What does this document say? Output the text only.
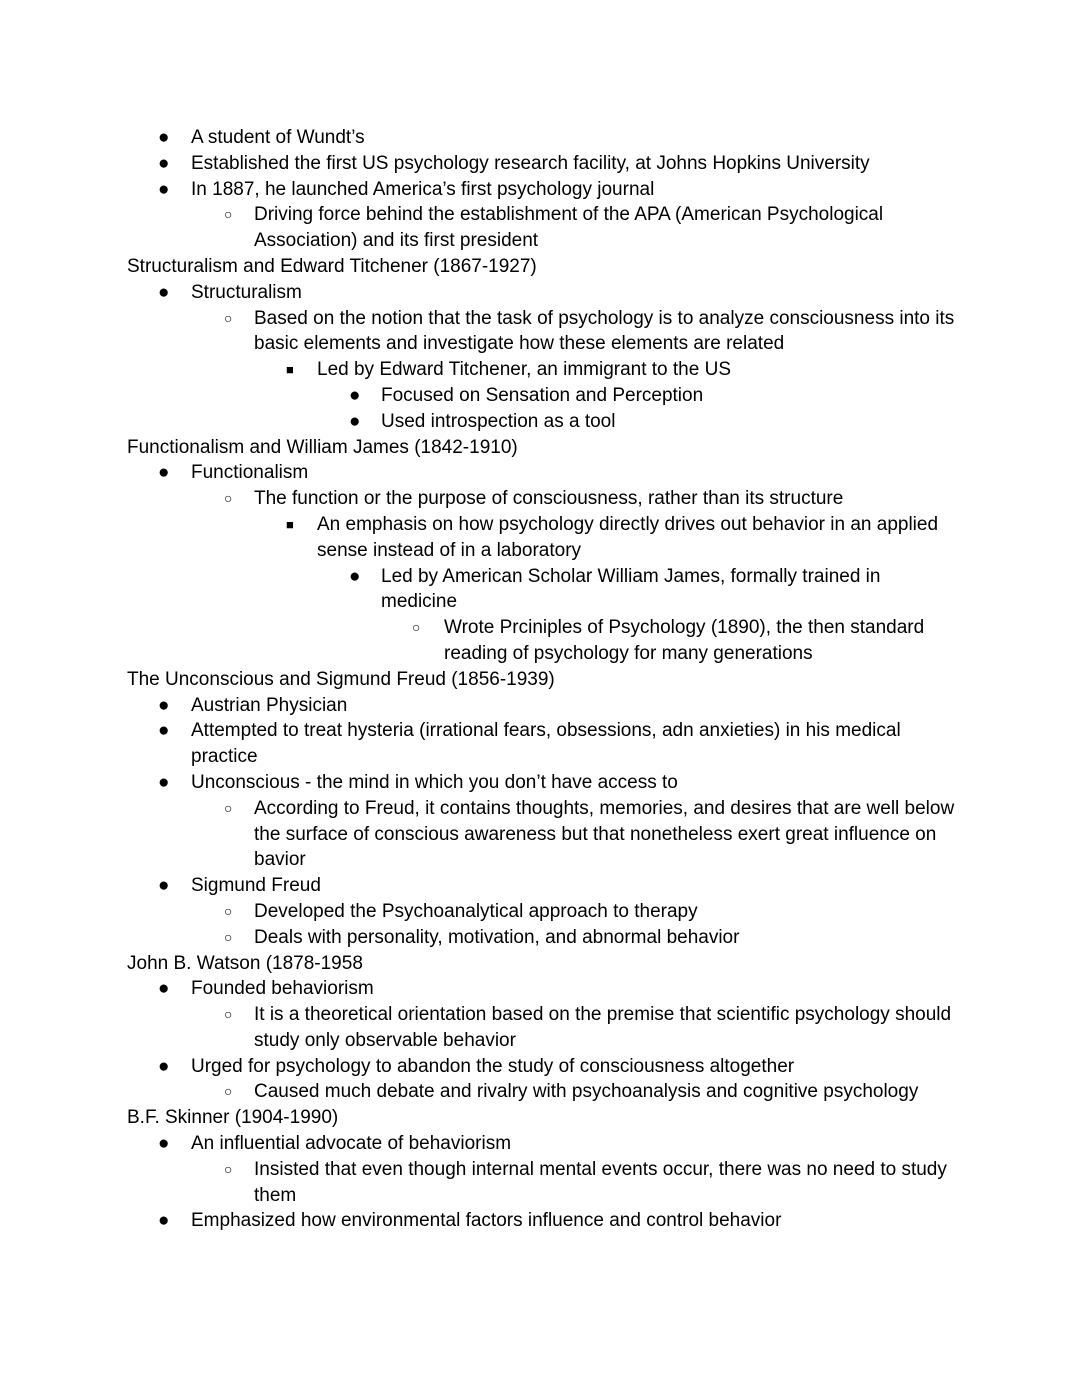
● A student of Wundt’s
● Established the first US psychology research facility, at Johns Hopkins University
● In 1887, he launched America’s first psychology journal
○ Driving force behind the establishment of the APA (American Psychological Association) and its first president
Structuralism and Edward Titchener (1867-1927)
● Structuralism
○ Based on the notion that the task of psychology is to analyze consciousness into its basic elements and investigate how these elements are related
■ Led by Edward Titchener, an immigrant to the US
● Focused on Sensation and Perception
● Used introspection as a tool
Functionalism and William James (1842-1910)
● Functionalism
○ The function or the purpose of consciousness, rather than its structure
■ An emphasis on how psychology directly drives out behavior in an applied sense instead of in a laboratory
● Led by American Scholar William James, formally trained in medicine
○ Wrote Prciniples of Psychology (1890), the then standard reading of psychology for many generations
The Unconscious and Sigmund Freud (1856-1939)
● Austrian Physician
● Attempted to treat hysteria (irrational fears, obsessions, adn anxieties) in his medical practice
● Unconscious - the mind in which you don’t have access to
○ According to Freud, it contains thoughts, memories, and desires that are well below the surface of conscious awareness but that nonetheless exert great influence on bavior
● Sigmund Freud
○ Developed the Psychoanalytical approach to therapy
○ Deals with personality, motivation, and abnormal behavior
John B. Watson (1878-1958
● Founded behaviorism
○ It is a theoretical orientation based on the premise that scientific psychology should study only observable behavior
● Urged for psychology to abandon the study of consciousness altogether
○ Caused much debate and rivalry with psychoanalysis and cognitive psychology
B.F. Skinner (1904-1990)
● An influential advocate of behaviorism
○ Insisted that even though internal mental events occur, there was no need to study them
● Emphasized how environmental factors influence and control behavior
